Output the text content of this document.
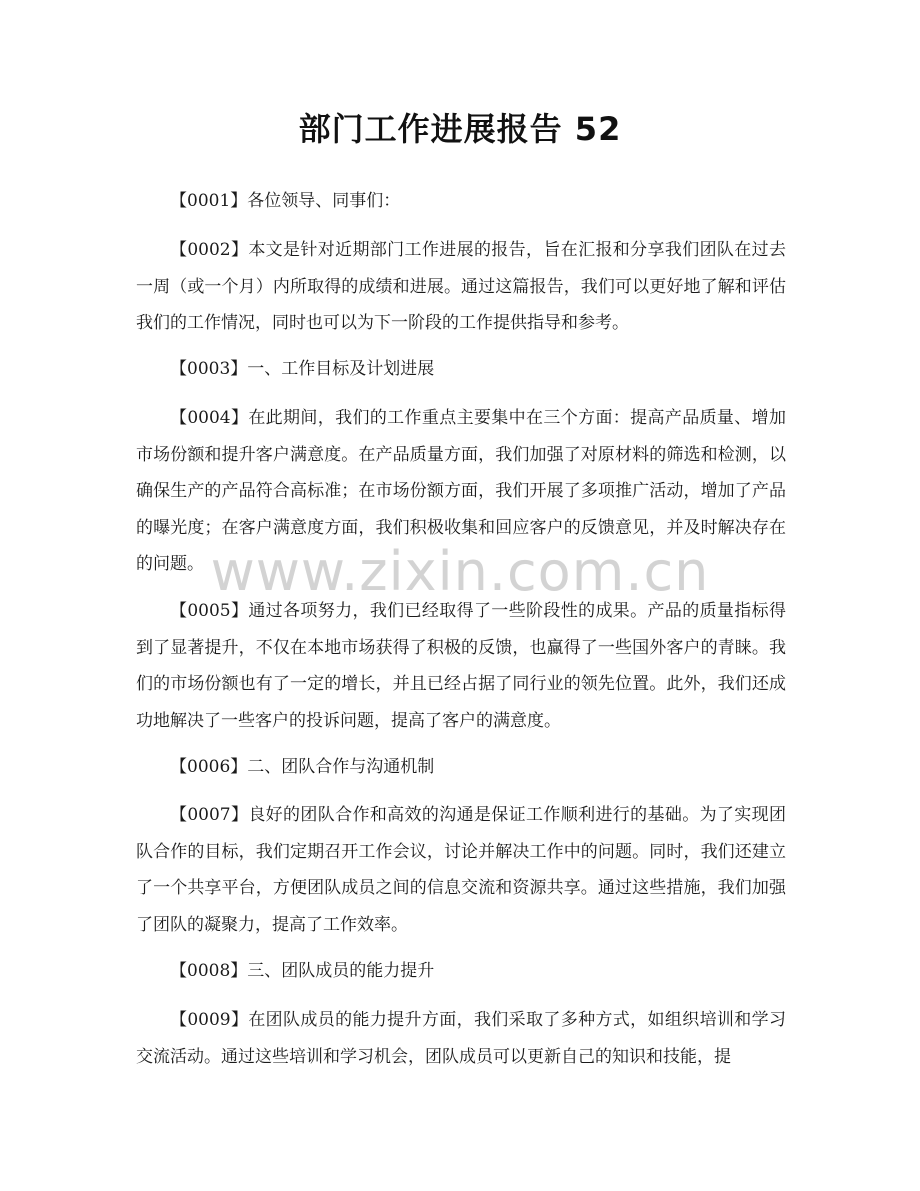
部门工作进展报告 52
【0001】各位领导、同事们：
【0002】本文是针对近期部门工作进展的报告，旨在汇报和分享我们团队在过去一周（或一个月）内所取得的成绩和进展。通过这篇报告，我们可以更好地了解和评估我们的工作情况，同时也可以为下一阶段的工作提供指导和参考。
【0003】一、工作目标及计划进展
【0004】在此期间，我们的工作重点主要集中在三个方面：提高产品质量、增加市场份额和提升客户满意度。在产品质量方面，我们加强了对原材料的筛选和检测，以确保生产的产品符合高标准；在市场份额方面，我们开展了多项推广活动，增加了产品的曝光度；在客户满意度方面，我们积极收集和回应客户的反馈意见，并及时解决存在的问题。
【0005】通过各项努力，我们已经取得了一些阶段性的成果。产品的质量指标得到了显著提升，不仅在本地市场获得了积极的反馈，也赢得了一些国外客户的青睐。我们的市场份额也有了一定的增长，并且已经占据了同行业的领先位置。此外，我们还成功地解决了一些客户的投诉问题，提高了客户的满意度。
【0006】二、团队合作与沟通机制
【0007】良好的团队合作和高效的沟通是保证工作顺利进行的基础。为了实现团队合作的目标，我们定期召开工作会议，讨论并解决工作中的问题。同时，我们还建立了一个共享平台，方便团队成员之间的信息交流和资源共享。通过这些措施，我们加强了团队的凝聚力，提高了工作效率。
【0008】三、团队成员的能力提升
【0009】在团队成员的能力提升方面，我们采取了多种方式，如组织培训和学习交流活动。通过这些培训和学习机会，团队成员可以更新自己的知识和技能，提
www.zixin.com.cn
